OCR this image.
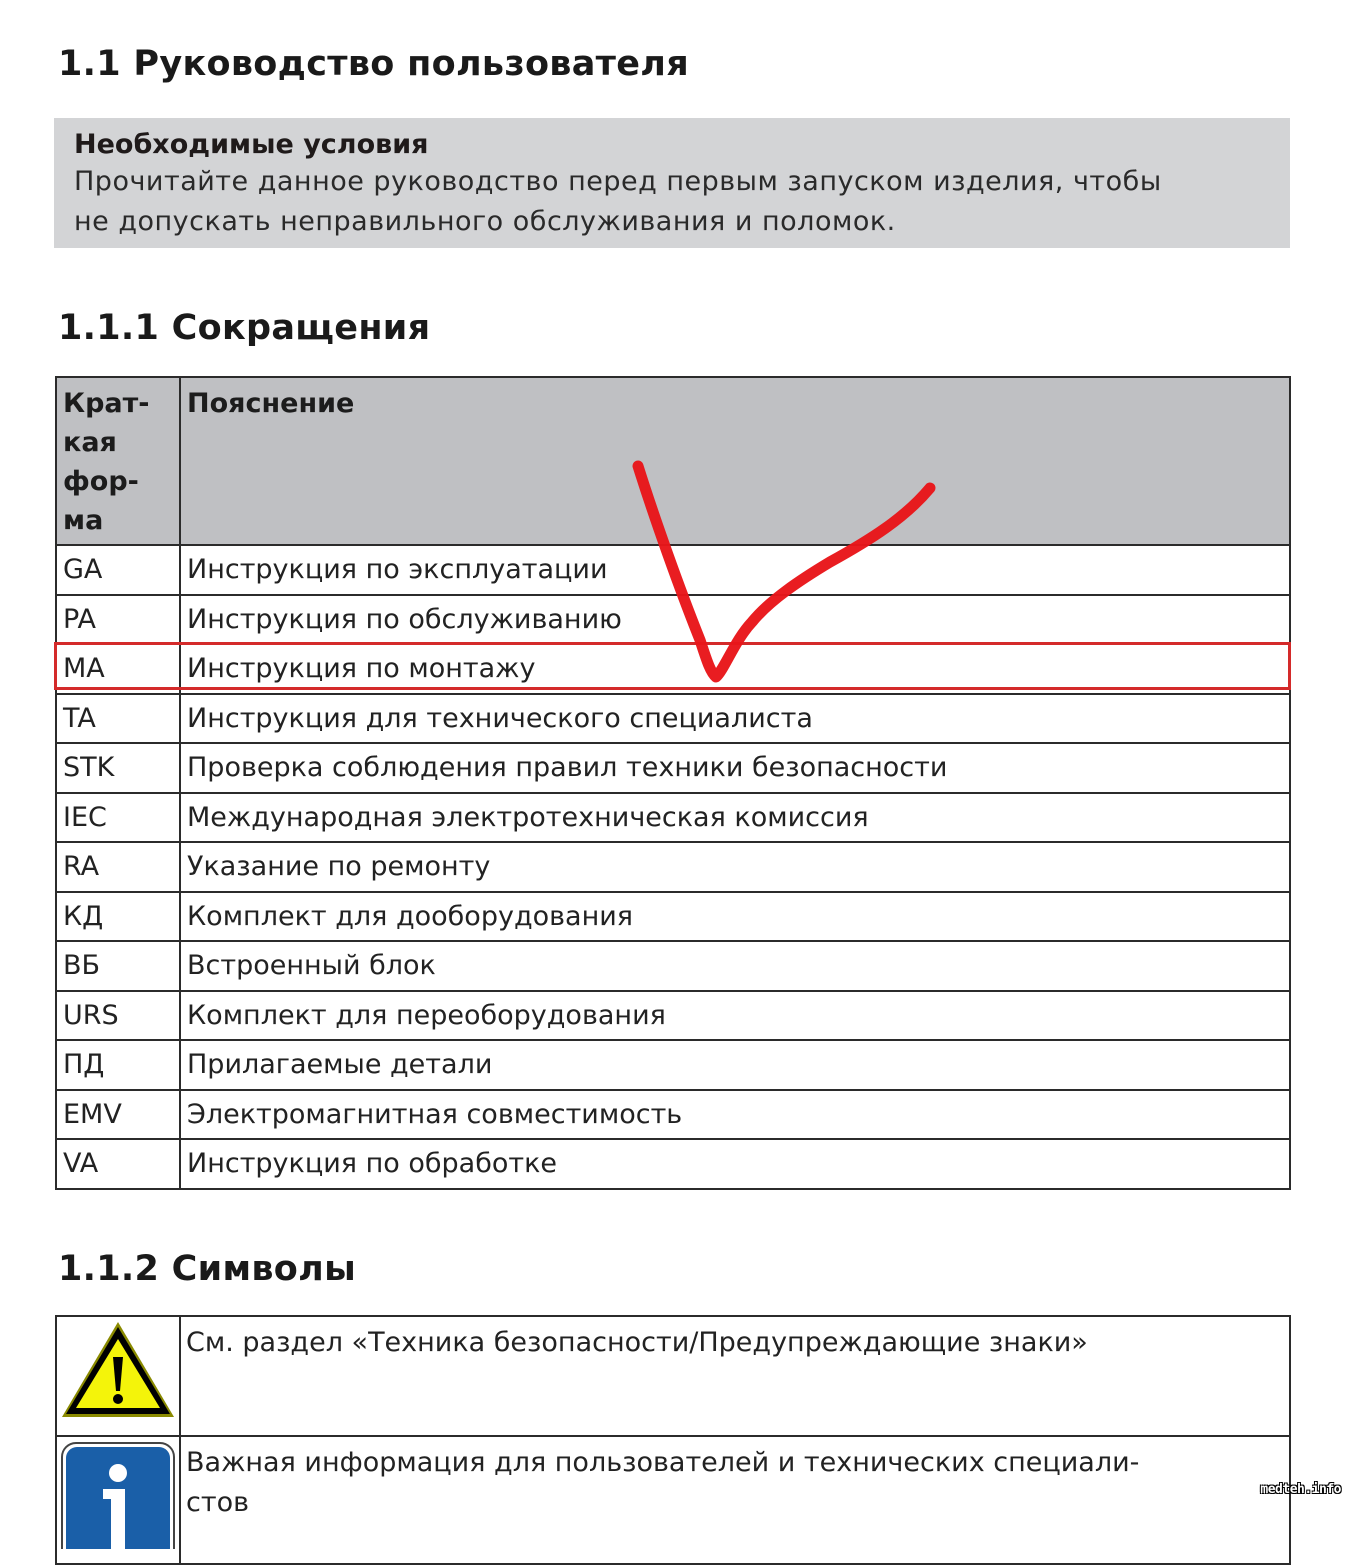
1.1 Руководство пользователя
Необходимые условия
Прочитайте данное руководство перед первым запуском изделия, чтобы
не допускать неправильного обслуживания и поломок.
1.1.1 Сокращения
Крат-
кая
фор-
ма	Пояснение
GA	Инструкция по эксплуатации
PA	Инструкция по обслуживанию
MA	Инструкция по монтажу
TA	Инструкция для технического специалиста
STK	Проверка соблюдения правил техники безопасности
IEC	Международная электротехническая комиссия
RA	Указание по ремонту
КД	Комплект для дооборудования
ВБ	Встроенный блок
URS	Комплект для переоборудования
ПД	Прилагаемые детали
EMV	Электромагнитная совместимость
VA	Инструкция по обработке
1.1.2 Символы
	См. раздел «Техника безопасности/Предупреждающие знаки»
	Важная информация для пользователей и технических специали-
стов	medteh.info
